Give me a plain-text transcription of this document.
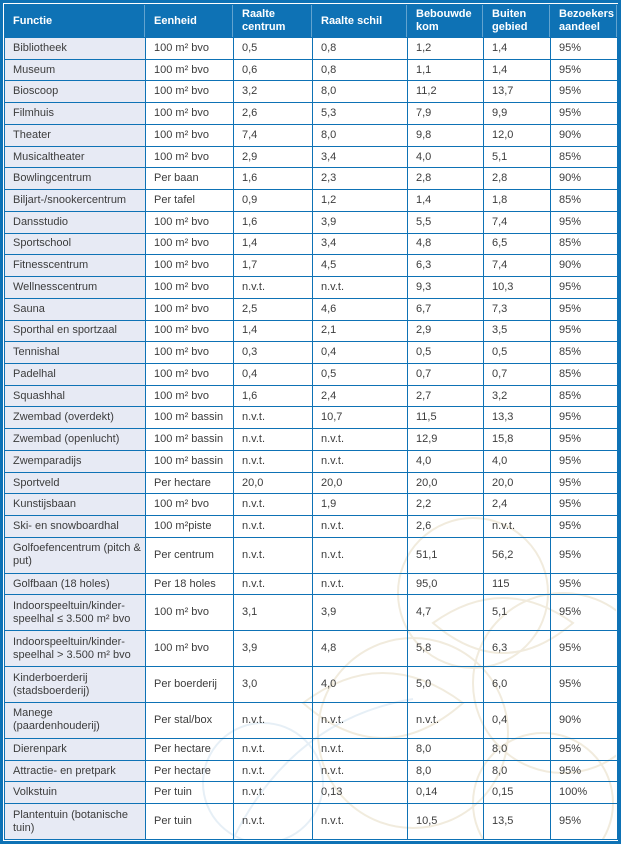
Functie	Eenheid	Raalte centrum	Raalte schil	Bebouwde kom	Buiten gebied	Bezoekers aandeel
Bibliotheek	100 m² bvo	0,5	0,8	1,2	1,4	95%
Museum	100 m² bvo	0,6	0,8	1,1	1,4	95%
Bioscoop	100 m² bvo	3,2	8,0	11,2	13,7	95%
Filmhuis	100 m² bvo	2,6	5,3	7,9	9,9	95%
Theater	100 m² bvo	7,4	8,0	9,8	12,0	90%
Musicaltheater	100 m² bvo	2,9	3,4	4,0	5,1	85%
Bowlingcentrum	Per baan	1,6	2,3	2,8	2,8	90%
Biljart-/snookercentrum	Per tafel	0,9	1,2	1,4	1,8	85%
Dansstudio	100 m² bvo	1,6	3,9	5,5	7,4	95%
Sportschool	100 m² bvo	1,4	3,4	4,8	6,5	85%
Fitnesscentrum	100 m² bvo	1,7	4,5	6,3	7,4	90%
Wellnesscentrum	100 m² bvo	n.v.t.	n.v.t.	9,3	10,3	95%
Sauna	100 m² bvo	2,5	4,6	6,7	7,3	95%
Sporthal en sportzaal	100 m² bvo	1,4	2,1	2,9	3,5	95%
Tennishal	100 m² bvo	0,3	0,4	0,5	0,5	85%
Padelhal	100 m² bvo	0,4	0,5	0,7	0,7	85%
Squashhal	100 m² bvo	1,6	2,4	2,7	3,2	85%
Zwembad (overdekt)	100 m² bassin	n.v.t.	10,7	11,5	13,3	95%
Zwembad (openlucht)	100 m² bassin	n.v.t.	n.v.t.	12,9	15,8	95%
Zwemparadijs	100 m² bassin	n.v.t.	n.v.t.	4,0	4,0	95%
Sportveld	Per hectare	20,0	20,0	20,0	20,0	95%
Kunstijsbaan	100 m² bvo	n.v.t.	1,9	2,2	2,4	95%
Ski- en snowboardhal	100 m²piste	n.v.t.	n.v.t.	2,6	n.v.t.	95%
Golfoefencentrum (pitch & put)	Per centrum	n.v.t.	n.v.t.	51,1	56,2	95%
Golfbaan (18 holes)	Per 18 holes	n.v.t.	n.v.t.	95,0	115	95%
Indoorspeeltuin/kinder-speelhal ≤ 3.500 m² bvo	100 m² bvo	3,1	3,9	4,7	5,1	95%
Indoorspeeltuin/kinder-speelhal > 3.500 m² bvo	100 m² bvo	3,9	4,8	5,8	6,3	95%
Kinderboerderij (stadsboerderij)	Per boerderij	3,0	4,0	5,0	6,0	95%
Manege (paardenhouderij)	Per stal/box	n.v.t.	n.v.t.	n.v.t.	0,4	90%
Dierenpark	Per hectare	n.v.t.	n.v.t.	8,0	8,0	95%
Attractie- en pretpark	Per hectare	n.v.t.	n.v.t.	8,0	8,0	95%
Volkstuin	Per tuin	n.v.t.	0,13	0,14	0,15	100%
Plantentuin (botanische tuin)	Per tuin	n.v.t.	n.v.t.	10,5	13,5	95%
